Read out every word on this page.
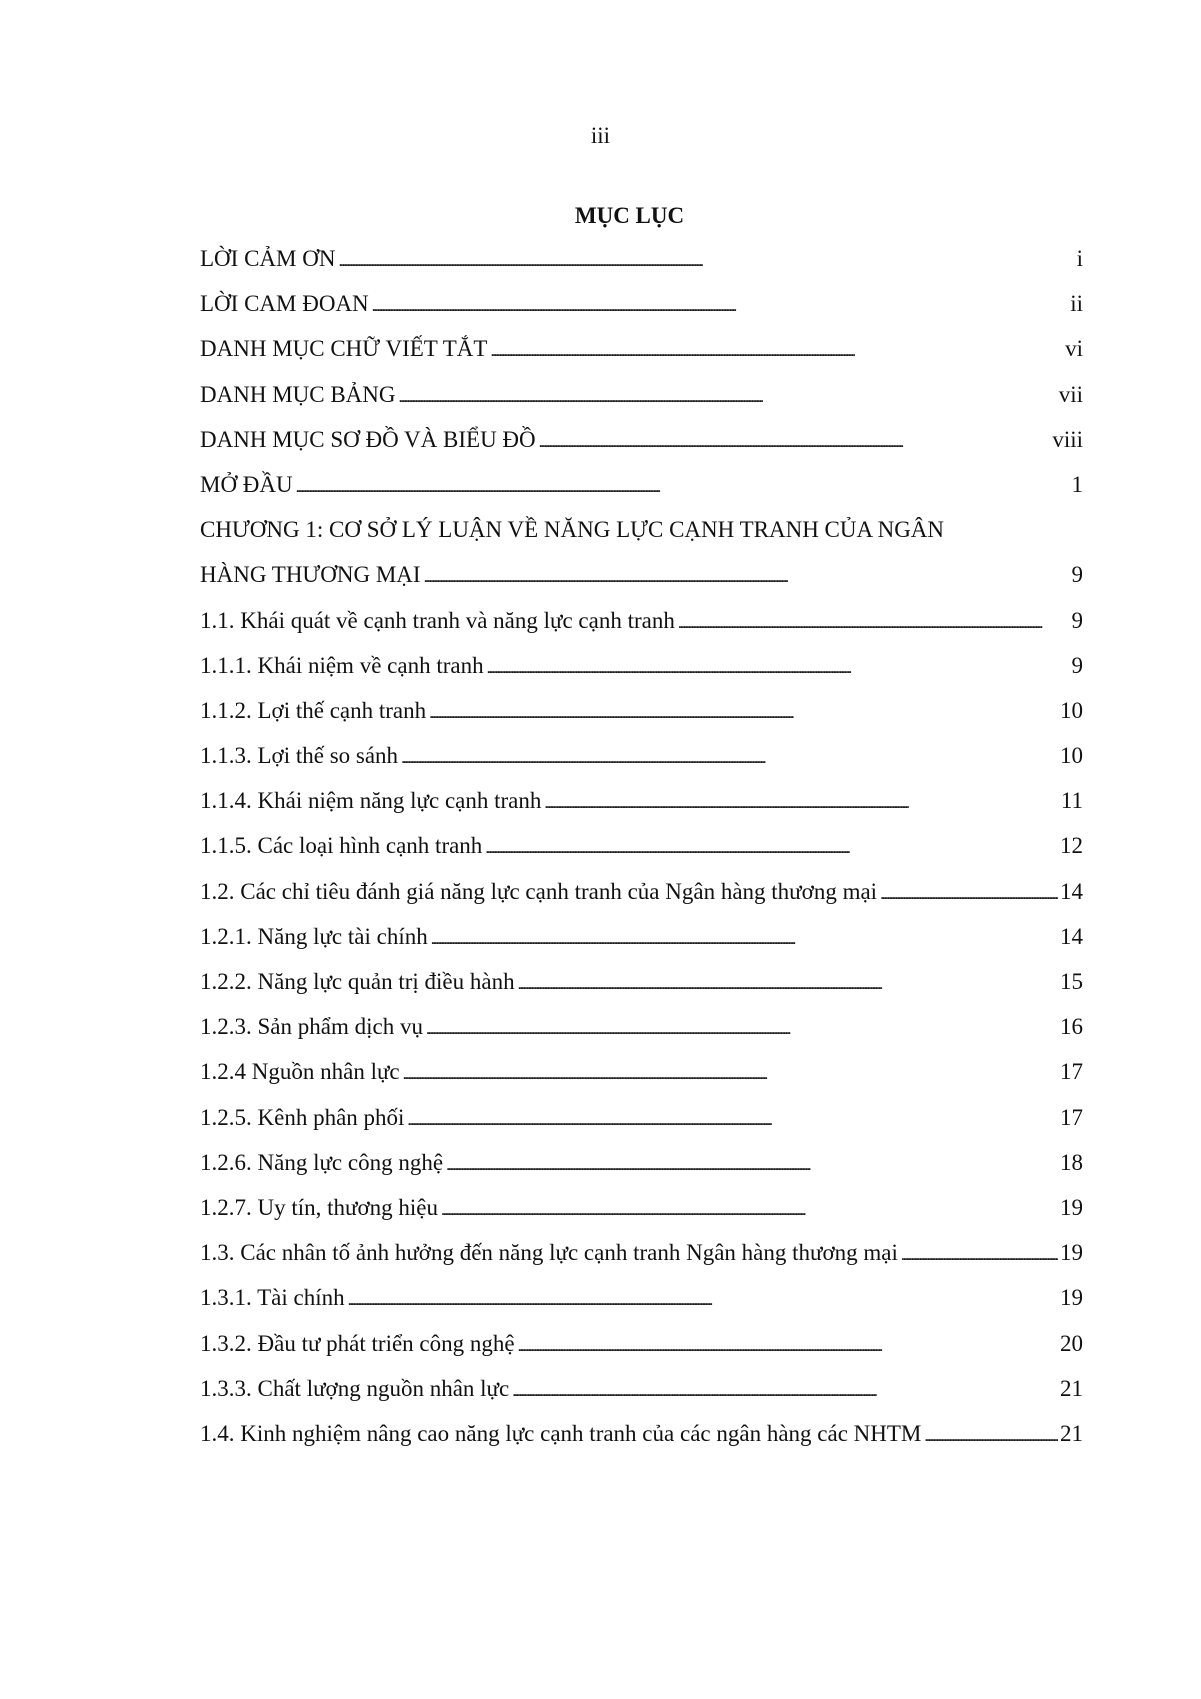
iii
MỤC LỤC
LỜI CẢM ƠN . . .	i
LỜI CAM ĐOAN . . .	ii
DANH MỤC CHỮ VIẾT TẮT . . .	vi
DANH MỤC BẢNG . . .	vii
DANH MỤC SƠ ĐỒ VÀ BIỂU ĐỒ . . .	viii
MỞ ĐẦU . . .	1
CHƯƠNG 1: CƠ SỞ LÝ LUẬN VỀ NĂNG LỰC CẠNH TRANH CỦA NGÂN
HÀNG THƯƠNG MẠI . . .	9
1.1. Khái quát về cạnh tranh và năng lực cạnh tranh . . .	9
1.1.1. Khái niệm về cạnh tranh . . .	9
1.1.2. Lợi thế cạnh tranh . . .	10
1.1.3. Lợi thế so sánh . . .	10
1.1.4. Khái niệm năng lực cạnh tranh . . .	11
1.1.5. Các loại hình cạnh tranh . . .	12
1.2. Các chỉ tiêu đánh giá năng lực cạnh tranh của Ngân hàng thương mại . . .	14
1.2.1. Năng lực tài chính . . .	14
1.2.2. Năng lực quản trị điều hành . . .	15
1.2.3. Sản phẩm dịch vụ . . .	16
1.2.4 Nguồn nhân lực . . .	17
1.2.5. Kênh phân phối . . .	17
1.2.6. Năng lực công nghệ . . .	18
1.2.7. Uy tín, thương hiệu . . .	19
1.3. Các nhân tố ảnh hưởng đến năng lực cạnh tranh Ngân hàng thương mại . . .	19
1.3.1. Tài chính . . .	19
1.3.2. Đầu tư phát triển công nghệ . . .	20
1.3.3. Chất lượng nguồn nhân lực . . .	21
1.4. Kinh nghiệm nâng cao năng lực cạnh tranh của các ngân hàng các NHTM . . .	21
